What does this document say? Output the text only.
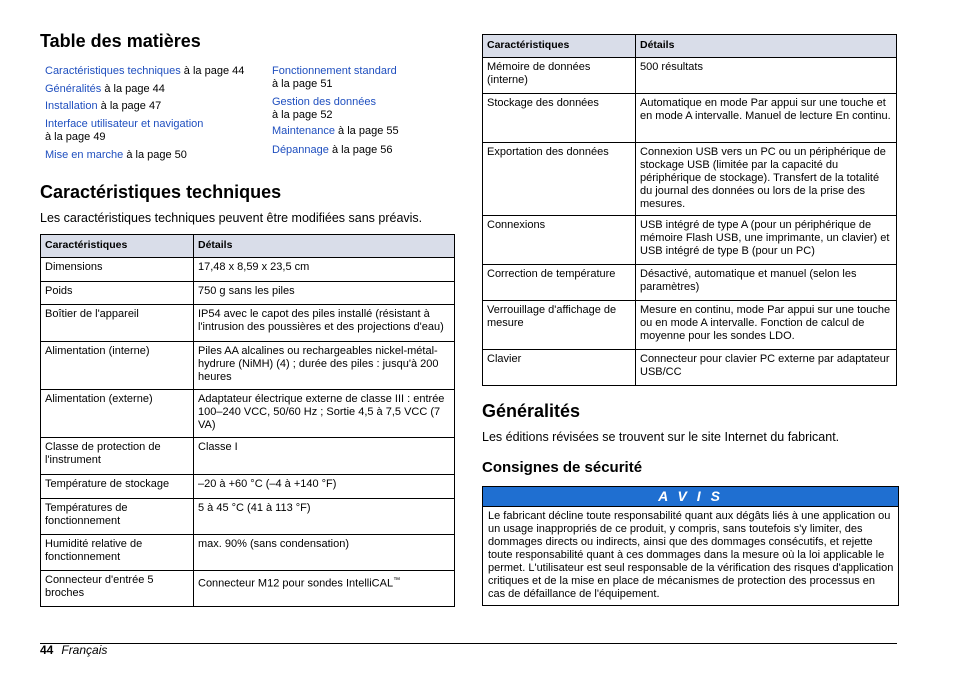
Table des matières
Caractéristiques techniques à la page 44
Généralités à la page 44
Installation à la page 47
Interface utilisateur et navigation
à la page 49
Mise en marche à la page 50
Fonctionnement standard
à la page 51
Gestion des données
à la page 52
Maintenance à la page 55
Dépannage à la page 56
Caractéristiques techniques

Les caractéristiques techniques peuvent être modifiées sans préavis.

Caractéristiques	Détails
Dimensions	17,48 x 8,59 x 23,5 cm
Poids	750 g sans les piles
Boîtier de l'appareil	IP54 avec le capot des piles installé (résistant à l'intrusion des poussières et des projections d'eau)
Alimentation (interne)	Piles AA alcalines ou rechargeables nickel-métal-hydrure (NiMH) (4) ; durée des piles : jusqu'à 200 heures
Alimentation (externe)	Adaptateur électrique externe de classe III : entrée 100–240 VCC, 50/60 Hz ; Sortie 4,5 à 7,5 VCC (7 VA)
Classe de protection de l'instrument	Classe I
Température de stockage	–20 à +60 °C (–4 à +140 °F)
Températures de fonctionnement	5 à 45 °C (41 à 113 °F)
Humidité relative de fonctionnement	max. 90% (sans condensation)
Connecteur d'entrée 5 broches	Connecteur M12 pour sondes IntelliCAL™
Caractéristiques	Détails
Mémoire de données (interne)	500 résultats
Stockage des données	Automatique en mode Par appui sur une touche et en mode A intervalle. Manuel de lecture En continu.
Exportation des données	Connexion USB vers un PC ou un périphérique de stockage USB (limitée par la capacité du périphérique de stockage). Transfert de la totalité du journal des données ou lors de la prise des mesures.
Connexions	USB intégré de type A (pour un périphérique de mémoire Flash USB, une imprimante, un clavier) et USB intégré de type B (pour un PC)
Correction de température	Désactivé, automatique et manuel (selon les paramètres)
Verrouillage d'affichage de mesure	Mesure en continu, mode Par appui sur une touche ou en mode A intervalle. Fonction de calcul de moyenne pour les sondes LDO.
Clavier	Connecteur pour clavier PC externe par adaptateur USB/CC
Généralités

Les éditions révisées se trouvent sur le site Internet du fabricant.

Consignes de sécurité
A V I S
Le fabricant décline toute responsabilité quant aux dégâts liés à une application ou un usage inappropriés de ce produit, y compris, sans toutefois s'y limiter, des dommages directs ou indirects, ainsi que des dommages consécutifs, et rejette toute responsabilité quant à ces dommages dans la mesure où la loi applicable le permet. L'utilisateur est seul responsable de la vérification des risques d'application critiques et de la mise en place de mécanismes de protection des processus en cas de défaillance de l'équipement.
44 Français
